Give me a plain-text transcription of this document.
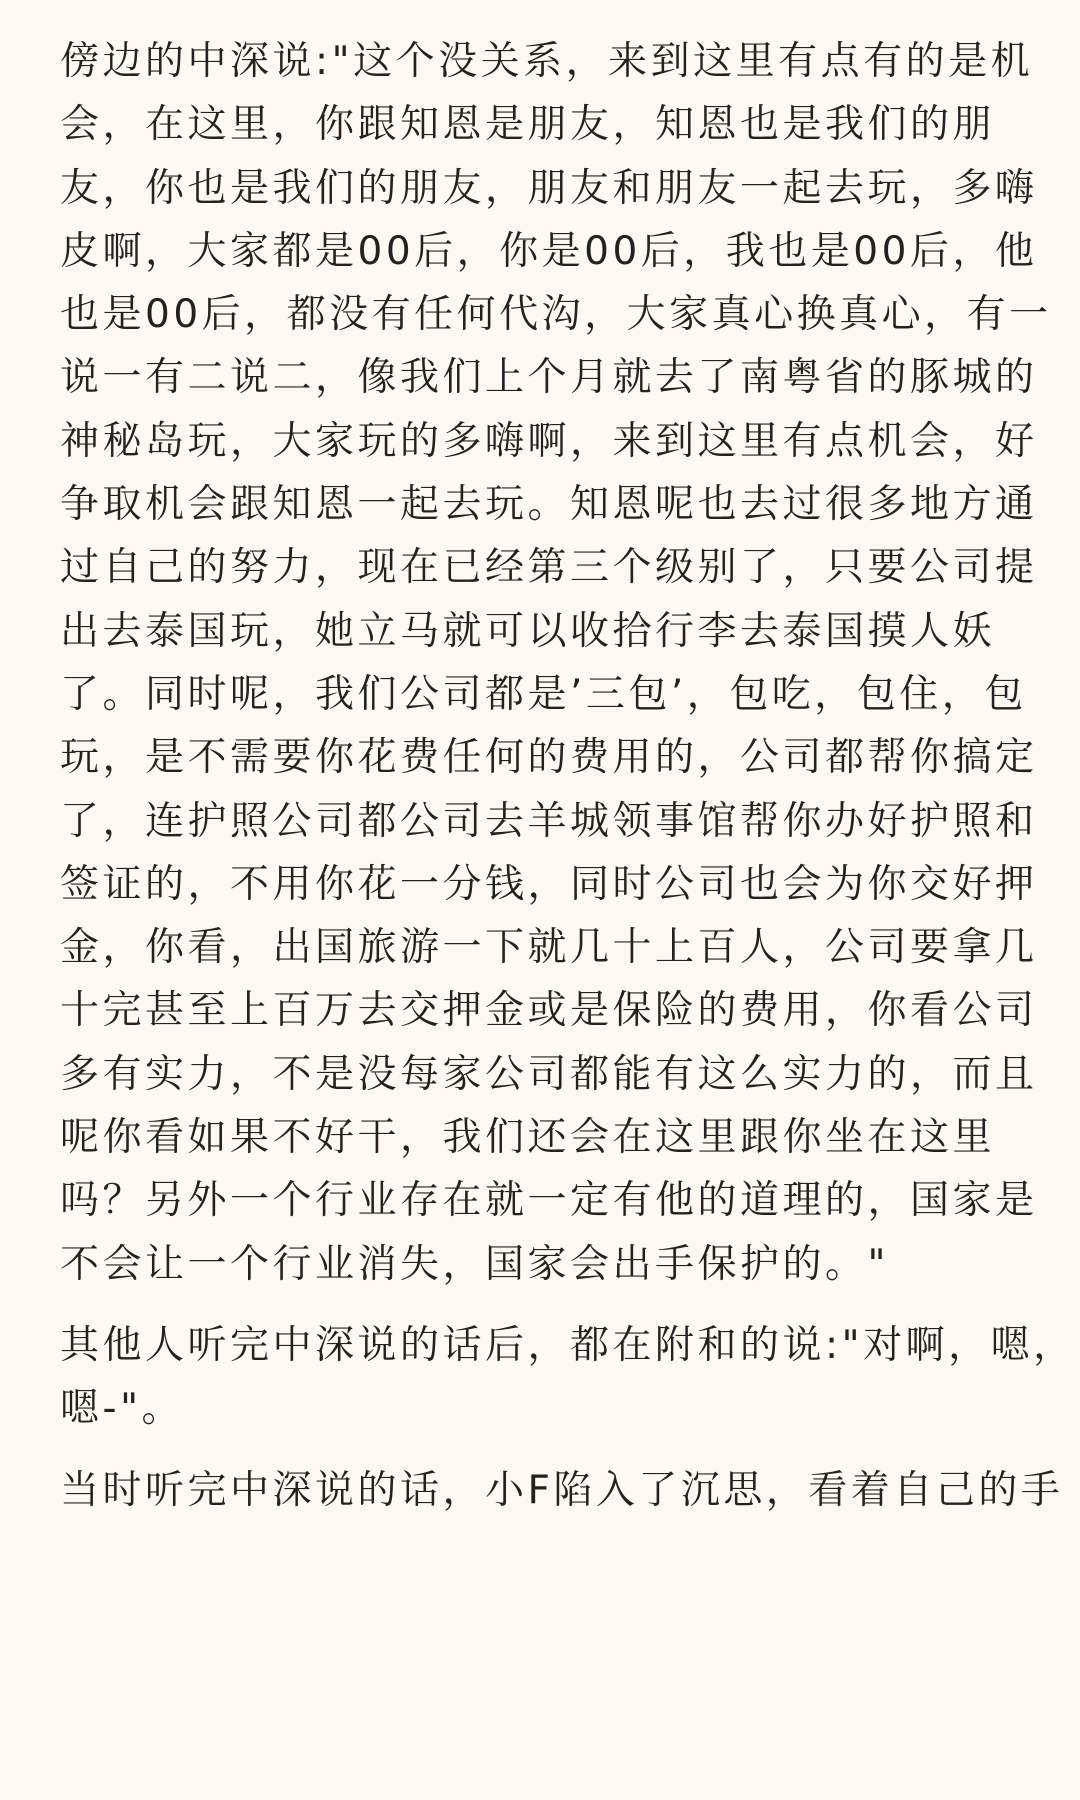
傍边的中深说:"这个没关系，来到这里有点有的是机
会，在这里，你跟知恩是朋友，知恩也是我们的朋
友，你也是我们的朋友，朋友和朋友一起去玩，多嗨
皮啊，大家都是00后，你是00后，我也是00后，他
也是00后，都没有任何代沟，大家真心换真心，有一
说一有二说二，像我们上个月就去了南粤省的豚城的
神秘岛玩，大家玩的多嗨啊，来到这里有点机会，好
争取机会跟知恩一起去玩。知恩呢也去过很多地方通
过自己的努力，现在已经第三个级别了，只要公司提
出去泰国玩，她立马就可以收拾行李去泰国摸人妖
了。同时呢，我们公司都是’三包’，包吃，包住，包
玩，是不需要你花费任何的费用的，公司都帮你搞定
了，连护照公司都公司去羊城领事馆帮你办好护照和
签证的，不用你花一分钱，同时公司也会为你交好押
金，你看，出国旅游一下就几十上百人，公司要拿几
十完甚至上百万去交押金或是保险的费用，你看公司
多有实力，不是没每家公司都能有这么实力的，而且
呢你看如果不好干，我们还会在这里跟你坐在这里
吗？另外一个行业存在就一定有他的道理的，国家是
不会让一个行业消失，国家会出手保护的。"
其他人听完中深说的话后，都在附和的说:"对啊，嗯，
嗯-"。
当时听完中深说的话，小F陷入了沉思，看着自己的手
